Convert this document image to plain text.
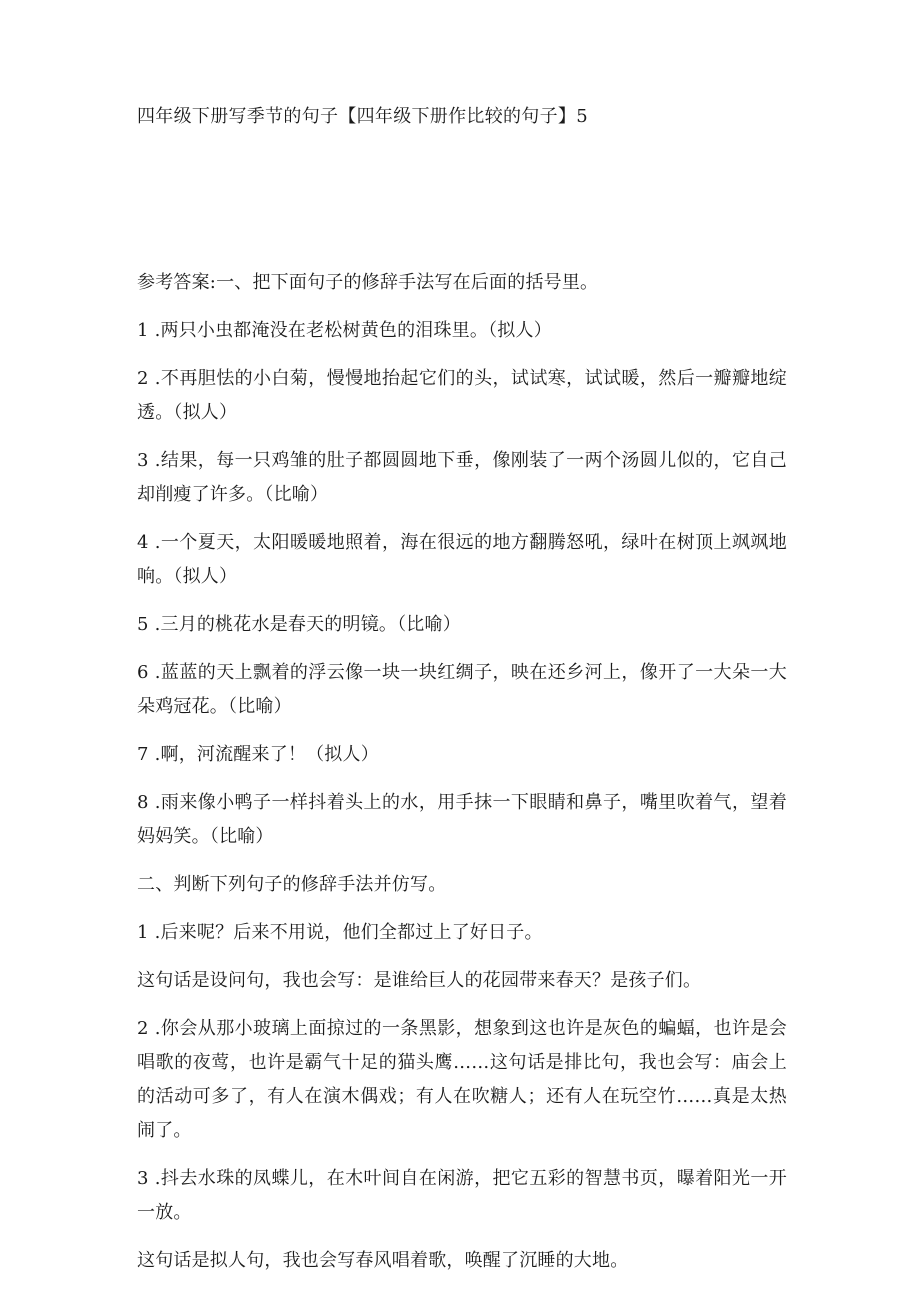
四年级下册写季节的句子【四年级下册作比较的句子】5

参考答案:一、把下面句子的修辞手法写在后面的括号里。

1 .两只小虫都淹没在老松树黄色的泪珠里。（拟人）

2 .不再胆怯的小白菊，慢慢地抬起它们的头，试试寒，试试暖，然后一瓣瓣地绽透。（拟人）

3 .结果，每一只鸡雏的肚子都圆圆地下垂，像刚装了一两个汤圆儿似的，它自己却削瘦了许多。（比喻）

4 .一个夏天，太阳暖暖地照着，海在很远的地方翻腾怒吼，绿叶在树顶上飒飒地响。（拟人）

5 .三月的桃花水是春天的明镜。（比喻）

6 .蓝蓝的天上飘着的浮云像一块一块红绸子，映在还乡河上，像开了一大朵一大朵鸡冠花。（比喻）

7 .啊，河流醒来了！（拟人）

8 .雨来像小鸭子一样抖着头上的水，用手抹一下眼睛和鼻子，嘴里吹着气，望着妈妈笑。（比喻）

二、判断下列句子的修辞手法并仿写。

1 .后来呢？后来不用说，他们全都过上了好日子。

这句话是设问句，我也会写：是谁给巨人的花园带来春天？是孩子们。

2 .你会从那小玻璃上面掠过的一条黑影，想象到这也许是灰色的蝙蝠，也许是会唱歌的夜莺，也许是霸气十足的猫头鹰……这句话是排比句，我也会写：庙会上的活动可多了，有人在演木偶戏；有人在吹糖人；还有人在玩空竹……真是太热闹了。

3 .抖去水珠的凤蝶儿，在木叶间自在闲游，把它五彩的智慧书页，曝着阳光一开一放。

这句话是拟人句，我也会写春风唱着歌，唤醒了沉睡的大地。
